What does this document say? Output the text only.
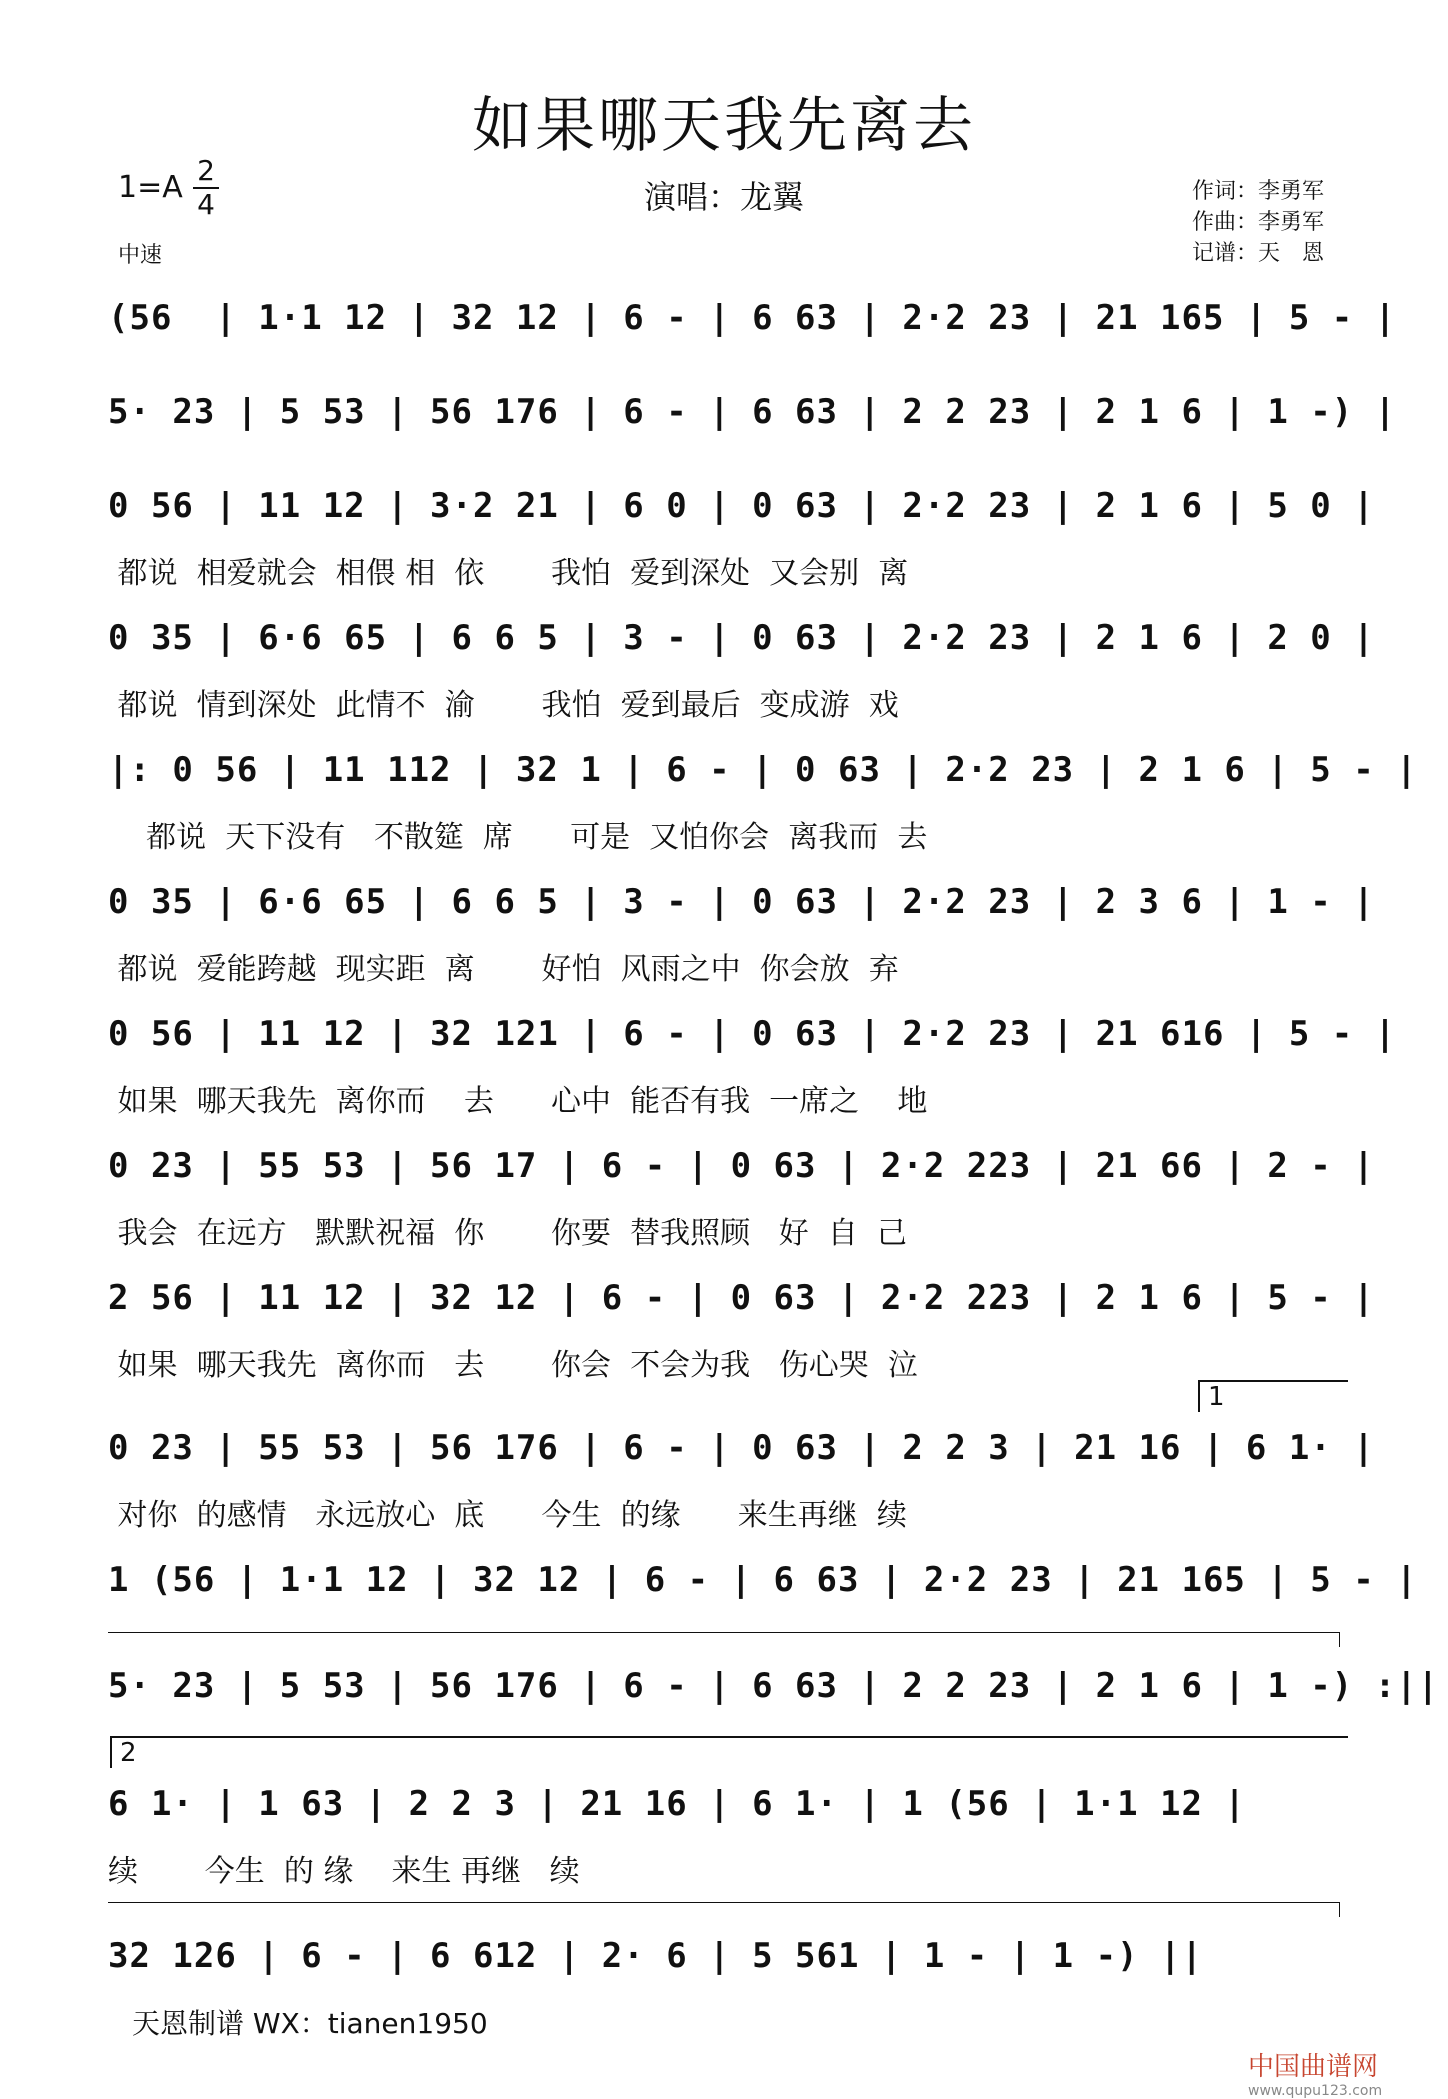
如果哪天我先离去
1=A 2
4
中速
演唱：龙翼	作词：李勇军
作曲：李勇军
记谱：天　恩
(56  | 1·1 12 | 32 12 | 6 - | 6 63 | 2·2 23 | 21 165 | 5 - |
5· 23 | 5 53 | 56 176 | 6 - | 6 63 | 2 2 23 | 2 1 6 | 1 -) |
0 56 | 11 12 | 3·2 21 | 6 0 | 0 63 | 2·2 23 | 2 1 6 | 5 0 |
都说  相爱就会  相偎 相  依       我怕  爱到深处  又会别  离
0 35 | 6·6 65 | 6 6 5 | 3 - | 0 63 | 2·2 23 | 2 1 6 | 2 0 |
都说  情到深处  此情不  渝       我怕  爱到最后  变成游  戏
|: 0 56 | 11 112 | 32 1 | 6 - | 0 63 | 2·2 23 | 2 1 6 | 5 - |
都说  天下没有   不散筵  席      可是  又怕你会  离我而  去
0 35 | 6·6 65 | 6 6 5 | 3 - | 0 63 | 2·2 23 | 2 3 6 | 1 - |
都说  爱能跨越  现实距  离       好怕  风雨之中  你会放  弃
0 56 | 11 12 | 32 121 | 6 - | 0 63 | 2·2 23 | 21 616 | 5 - |
如果  哪天我先  离你而    去      心中  能否有我  一席之    地
0 23 | 55 53 | 56 17 | 6 - | 0 63 | 2·2 223 | 21 66 | 2 - |
我会  在远方   默默祝福  你       你要  替我照顾   好  自  己
2 56 | 11 12 | 32 12 | 6 - | 0 63 | 2·2 223 | 2 1 6 | 5 - |
如果  哪天我先  离你而   去       你会  不会为我   伤心哭  泣
1
0 23 | 55 53 | 56 176 | 6 - | 0 63 | 2 2 3 | 21 16 | 6 1· |
对你  的感情   永远放心  底      今生  的缘      来生再继  续
1 (56 | 1·1 12 | 32 12 | 6 - | 6 63 | 2·2 23 | 21 165 | 5 - |
5· 23 | 5 53 | 56 176 | 6 - | 6 63 | 2 2 23 | 2 1 6 | 1 -) :||
2
6 1· | 1 63 | 2 2 3 | 21 16 | 6 1· | 1 (56 | 1·1 12 |
续       今生  的 缘    来生 再继   续
32 126 | 6 - | 6 612 | 2· 6 | 5 561 | 1 - | 1 -) ||
天恩制谱 WX：tianen1950
中国曲谱网
www.qupu123.com
